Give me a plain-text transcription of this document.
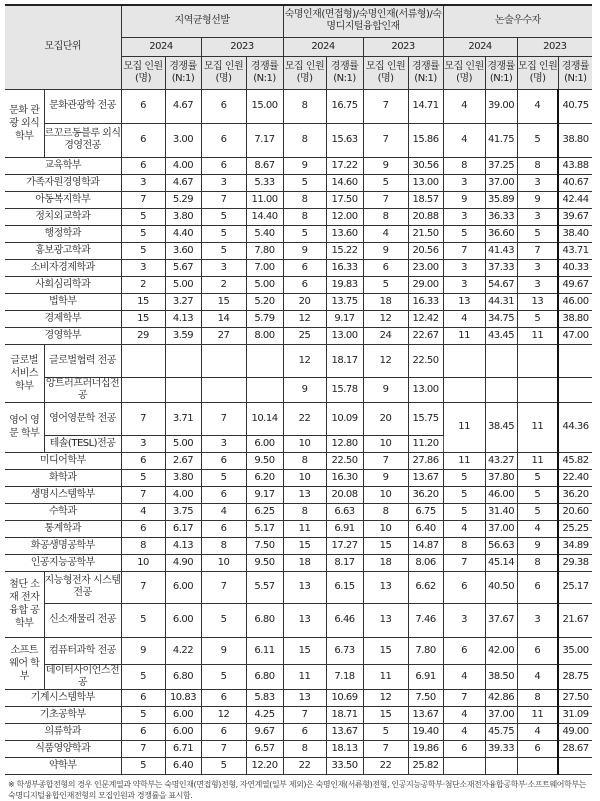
모집단위		지역균형선발				숙명인재(면접형)/숙명인재(서류형)/숙명디지털융합인재				논술우수자			
		2024		2023		2024		2023		2024		2023	
		모집 인원(명)	경쟁률 (N:1)	모집 인원(명)	경쟁률 (N:1)	모집 인원(명)	경쟁률 (N:1)	모집 인원(명)	경쟁률 (N:1)	모집 인원(명)	경쟁률 (N:1)	모집 인원(명)	경쟁률 (N:1)
문화 관광 외식 학부	문화관광학 전공	6	4.67	6	15.00	8	16.75	7	14.71	4	39.00	4	40.75
	르꼬르동블루 외식경영전공	6	3.00	6	7.17	8	15.63	7	15.86	4	41.75	5	38.80
교육학부		6	4.00	6	8.67	9	17.22	9	30.56	8	37.25	8	43.88
가족자원경영학과		3	4.67	3	5.33	5	14.60	5	13.00	3	37.00	3	40.67
아동복지학부		7	5.29	7	11.00	8	17.50	7	18.57	9	35.89	9	42.44
정치외교학과		5	3.80	5	14.40	8	12.00	8	20.88	3	36.33	3	39.67
행정학과		5	4.40	5	5.40	5	13.60	4	21.50	5	36.60	5	38.40
홍보광고학과		5	3.60	5	7.80	9	15.22	9	20.56	7	41.43	7	43.71
소비자경제학과		3	5.67	3	7.00	6	16.33	6	23.00	3	37.33	3	40.33
사회심리학과		2	5.00	2	5.00	6	19.83	5	29.00	3	54.67	3	49.67
법학부		15	3.27	15	5.20	20	13.75	18	16.33	13	44.31	13	46.00
경제학부		15	4.13	14	5.79	12	9.17	12	12.42	4	34.75	5	38.80
경영학부		29	3.59	27	8.00	25	13.00	24	22.67	11	43.45	11	47.00
글로벌 서비스 학부	글로벌협력 전공					12	18.17	12	22.50				
	앙트러프러너십전공					9	15.78	9	13.00				
영어 영문 학부	영어영문학 전공	7	3.71	7	10.14	22	10.09	20	15.75	11	38.45	11	44.36
	테솔(TESL)전공	3	5.00	3	6.00	10	12.80	10	11.20				
미디어학부		6	2.67	6	9.50	8	22.50	7	27.86	11	43.27	11	45.82
화학과		5	3.80	5	6.20	10	16.30	9	13.67	5	37.80	5	22.40
생명시스템학부		7	4.00	6	9.17	13	20.08	10	36.20	5	46.00	5	36.20
수학과		4	3.75	4	6.25	8	6.63	8	6.75	5	31.40	5	20.60
통계학과		6	6.17	6	5.17	11	6.91	10	6.40	4	37.00	4	25.25
화공생명공학부		8	4.13	8	7.50	15	17.27	15	14.87	8	56.63	9	34.89
인공지능공학부		10	4.90	10	9.50	18	8.17	18	8.06	7	45.14	8	29.38
첨단 소재 전자 융합 공학부	지능형전자 시스템전공	7	6.00	7	5.57	13	6.15	13	6.62	6	40.50	6	25.17
	신소재물리 전공	5	6.00	5	6.80	13	6.46	13	7.46	3	37.67	3	21.67
소프트 웨어 학부	컴퓨터과학 전공	9	4.22	9	6.11	15	6.73	15	7.80	6	42.00	6	35.00
	데이터사이언스전공	5	6.80	5	6.80	11	7.18	11	6.91	4	38.50	4	28.75
기계시스템학부		6	10.83	6	5.83	13	10.69	12	7.50	7	42.86	8	27.50
기초공학부		5	6.00	12	4.25	7	18.71	15	13.67	4	37.00	11	31.09
의류학과		6	6.00	6	9.67	6	13.67	5	19.40	4	45.75	4	49.00
식품영양학과		7	6.71	7	6.57	8	18.13	7	19.86	6	39.33	6	28.67
약학부		5	6.40	5	12.20	22	33.50	22	25.82				
※ 학생부종합전형의 경우 인문계열과 약학부는 숙명인재(면접형)전형, 자연계열(일부 제외)은 숙명인재(서류형)전형, 인공지능공학부·첨단소재전자융합공학부·소프트웨어학부는 숙명디지털융합인재전형의 모집인원과 경쟁률을 표시함.
